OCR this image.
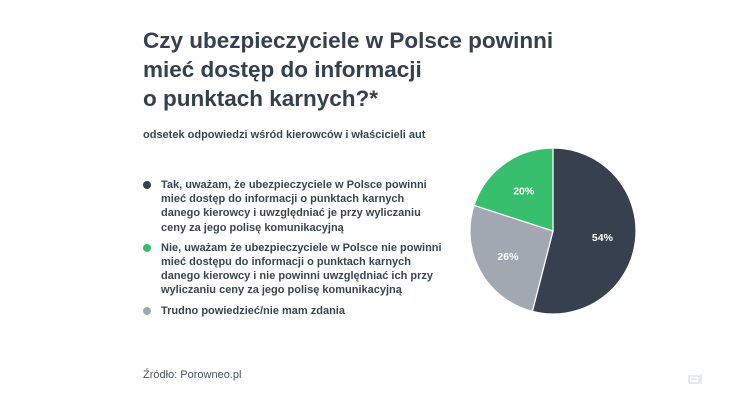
Czy ubezpieczyciele w Polsce powinni
mieć dostęp do informacji
o punktach karnych?*
odsetek odpowiedzi wśród kierowców i właścicieli aut
Tak, uważam, że ubezpieczyciele w Polsce powinni mieć dostęp do informacji o punktach karnych danego kierowcy i uwzględniać je przy wyliczaniu ceny za jego polisę komunikacyjną
Nie, uważam że ubezpieczyciele w Polsce nie powinni mieć dostępu do informacji o punktach karnych danego kierowcy i nie powinni uwzględniać ich przy wyliczaniu ceny za jego polisę komunikacyjną
Trudno powiedzieć/nie mam zdania
54%
26%
20%
Źródło: Porowneo.pl
